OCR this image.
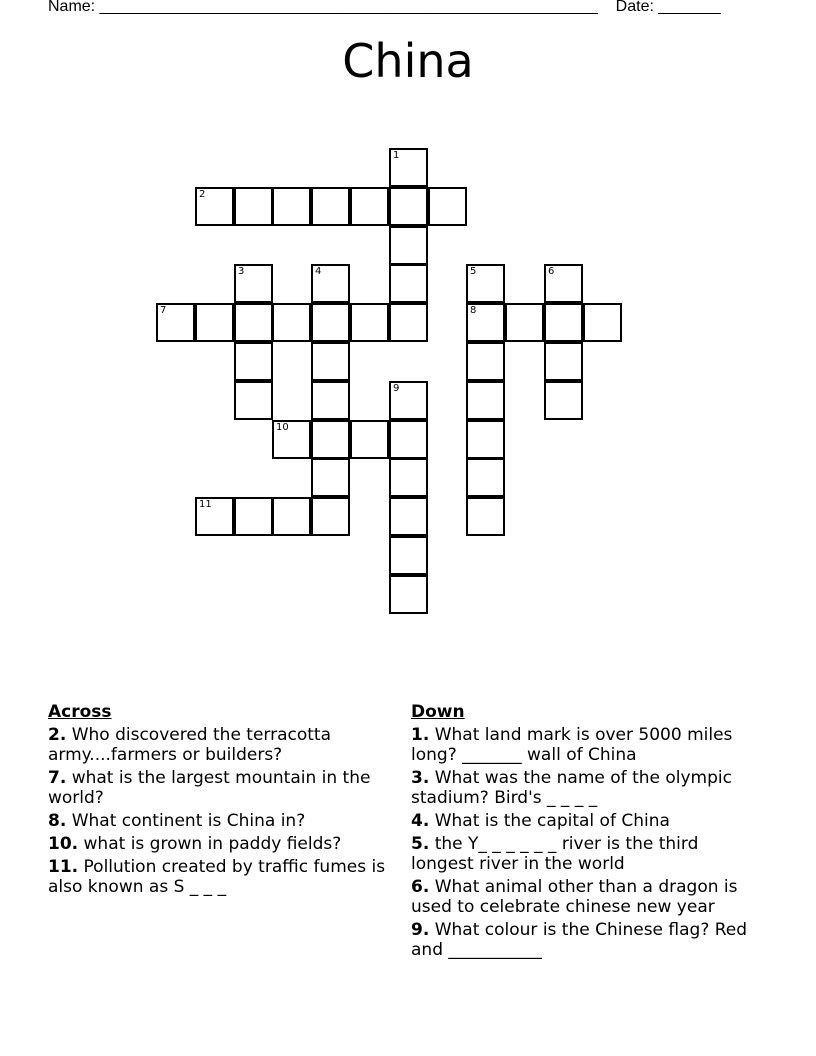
Name: ________________________________________________________ Date: _______
China
1
2
3	4	5	6
7	8
9
10
11
Across
2. Who discovered the terracotta army....farmers or builders?
7. what is the largest mountain in the world?
8. What continent is China in?
10. what is grown in paddy fields?
11. Pollution created by traffic fumes is also known as S _ _ _
Down
1. What land mark is over 5000 miles long? _______ wall of China
3. What was the name of the olympic stadium? Bird's _ _ _ _
4. What is the capital of China
5. the Y_ _ _ _ _ _ river is the third longest river in the world
6. What animal other than a dragon is used to celebrate chinese new year
9. What colour is the Chinese flag? Red and ___________
